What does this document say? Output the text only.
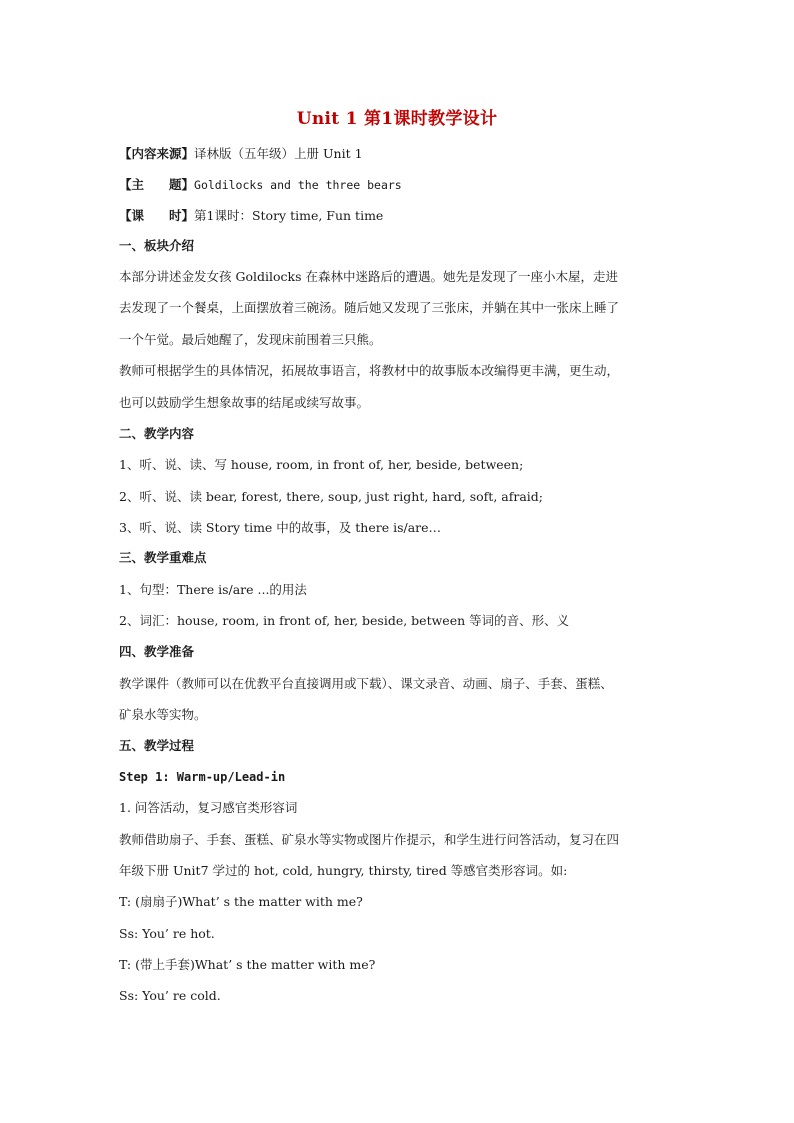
Unit 1 第1课时教学设计
【内容来源】译林版（五年级）上册 Unit 1
【主　　题】Goldilocks and the three bears
【课　　时】第1课时：Story time, Fun time
一、板块介绍
本部分讲述金发女孩 Goldilocks 在森林中迷路后的遭遇。她先是发现了一座小木屋，走进
去发现了一个餐桌，上面摆放着三碗汤。随后她又发现了三张床，并躺在其中一张床上睡了
一个午觉。最后她醒了，发现床前围着三只熊。
教师可根据学生的具体情况，拓展故事语言，将教材中的故事版本改编得更丰满，更生动，
也可以鼓励学生想象故事的结尾或续写故事。
二、教学内容
1、听、说、读、写 house, room, in front of, her, beside, between;
2、听、说、读 bear, forest, there, soup, just right, hard, soft, afraid;
3、听、说、读 Story time 中的故事，及 there is/are…
三、教学重难点
1、句型：There is/are ...的用法
2、词汇：house, room, in front of, her, beside, between 等词的音、形、义
四、教学准备
教学课件（教师可以在优教平台直接调用或下载）、课文录音、动画、扇子、手套、蛋糕、
矿泉水等实物。
五、教学过程
Step 1: Warm-up/Lead-in
1. 问答活动，复习感官类形容词
教师借助扇子、手套、蛋糕、矿泉水等实物或图片作提示，和学生进行问答活动，复习在四
年级下册 Unit7 学过的 hot, cold, hungry, thirsty, tired 等感官类形容词。如:
T: (扇扇子)What’ s the matter with me?
Ss: You’ re hot.
T: (带上手套)What’ s the matter with me?
Ss: You’ re cold.
